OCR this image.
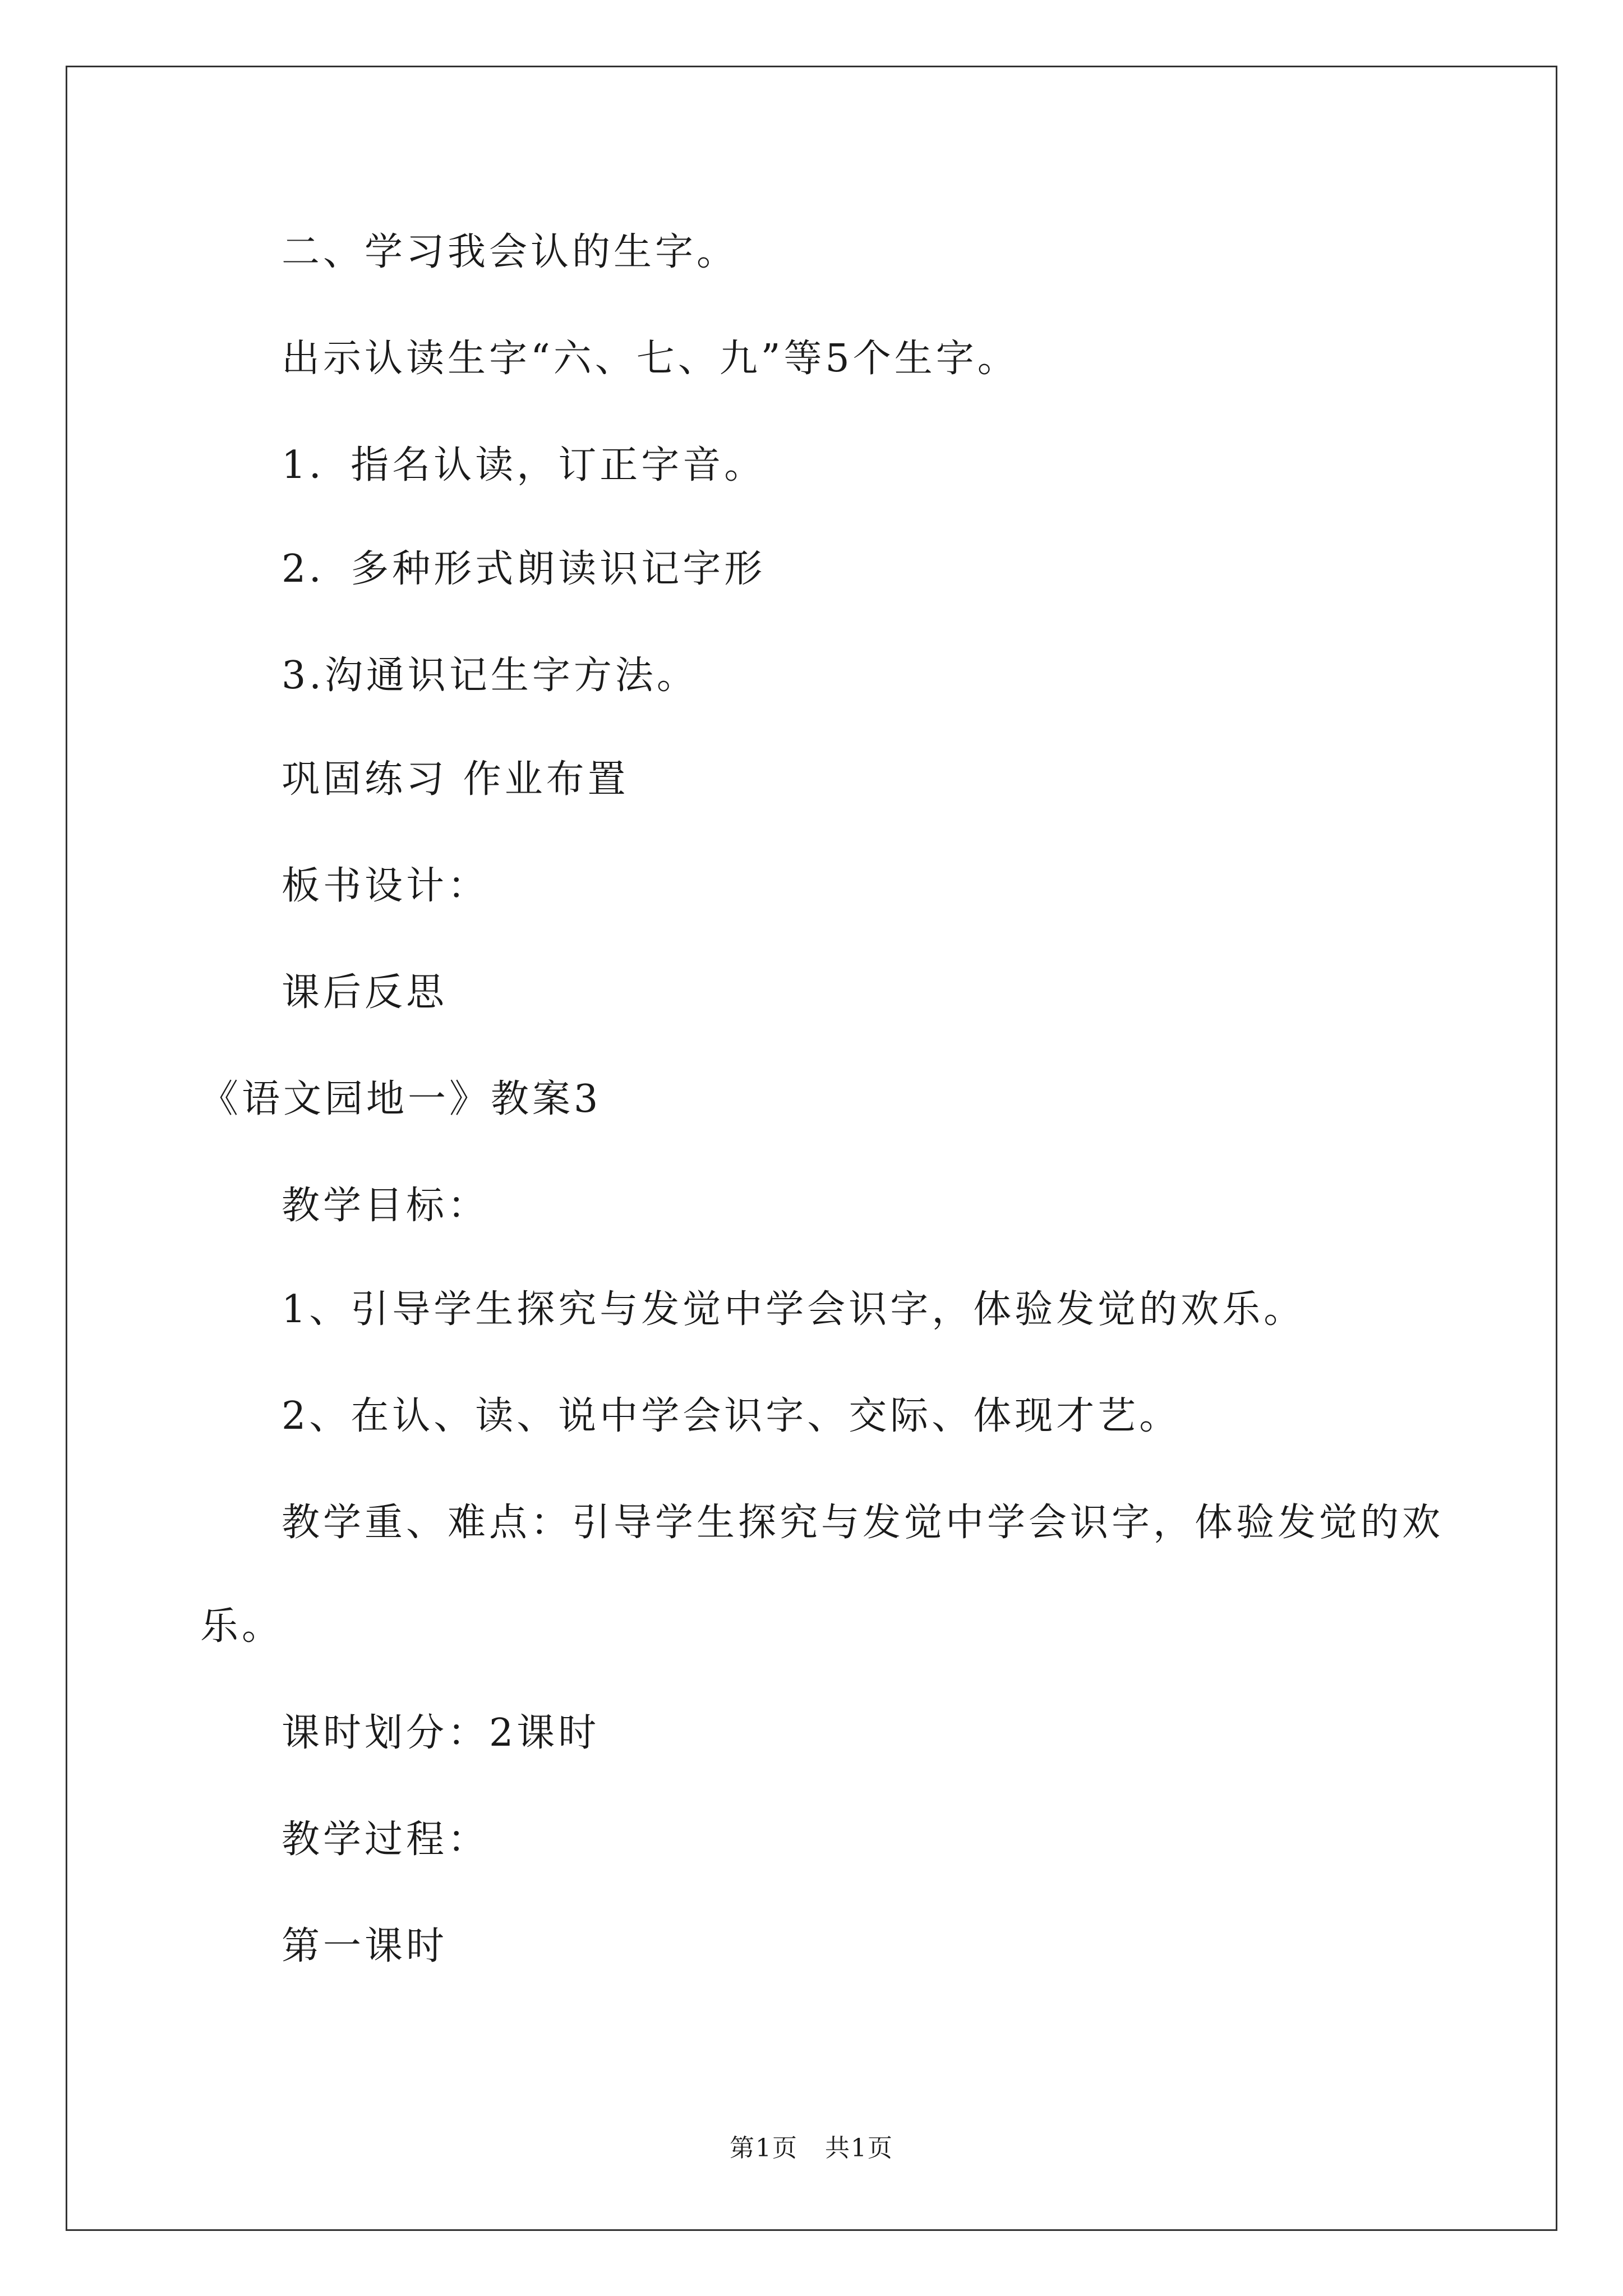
二、学习我会认的生字。
出示认读生字“六、七、九”等5个生字。
1．指名认读，订正字音。
2．多种形式朗读识记字形
3.沟通识记生字方法。
巩固练习 作业布置
板书设计：
课后反思
《语文园地一》教案3
教学目标：
1、引导学生探究与发觉中学会识字，体验发觉的欢乐。
2、在认、读、说中学会识字、交际、体现才艺。
教学重、难点：引导学生探究与发觉中学会识字，体验发觉的欢
乐。
课时划分：2课时
教学过程：
第一课时
第1页 共1页
